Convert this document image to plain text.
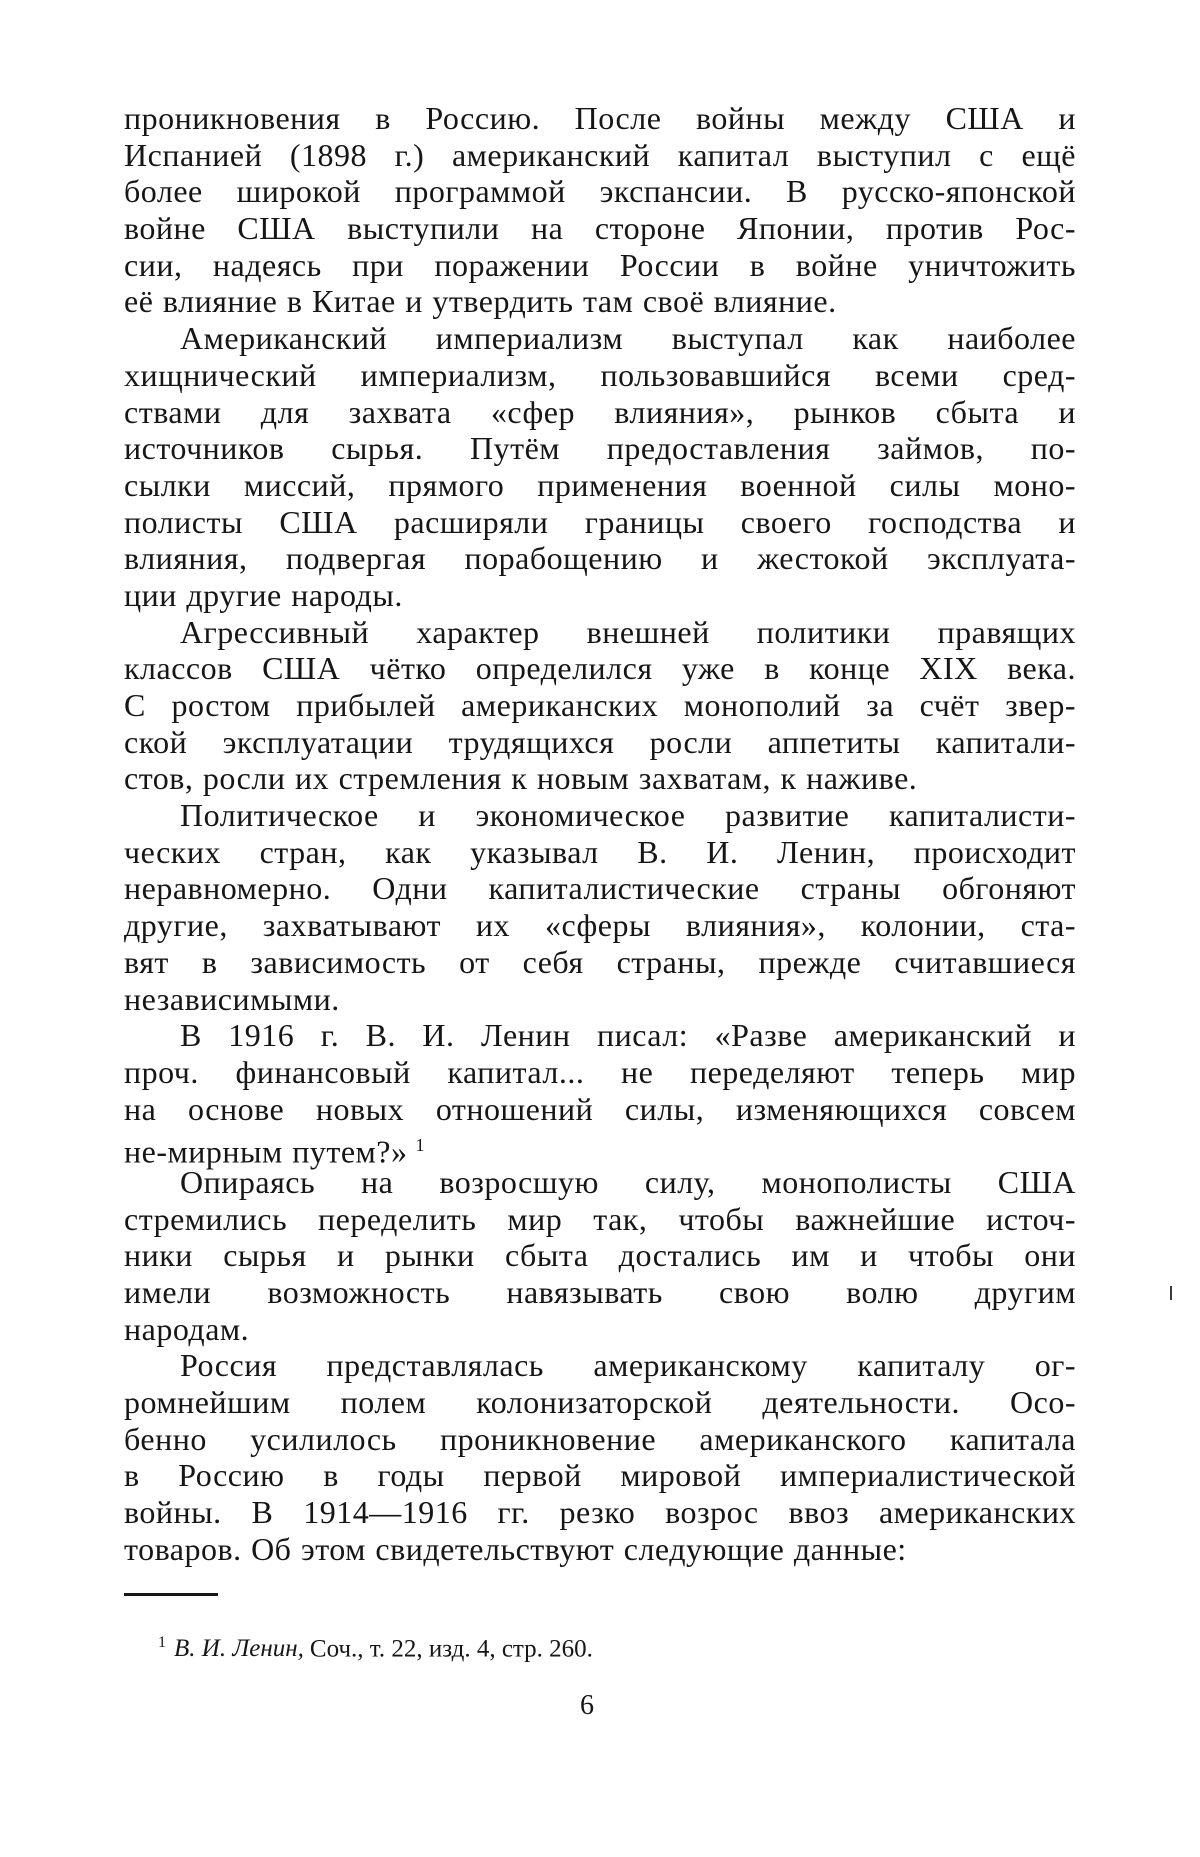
проникновения в Россию. После войны между США и
Испанией (1898 г.) американский капитал выступил с ещё
более широкой программой экспансии. В русско-японской
войне США выступили на стороне Японии, против Рос-
сии, надеясь при поражении России в войне уничтожить
её влияние в Китае и утвердить там своё влияние.
Американский империализм выступал как наиболее
хищнический империализм, пользовавшийся всеми сред-
ствами для захвата «сфер влияния», рынков сбыта и
источников сырья. Путём предоставления займов, по-
сылки миссий, прямого применения военной силы моно-
полисты США расширяли границы своего господства и
влияния, подвергая порабощению и жестокой эксплуата-
ции другие народы.
Агрессивный характер внешней политики правящих
классов США чётко определился уже в конце XIX века.
С ростом прибылей американских монополий за счёт звер-
ской эксплуатации трудящихся росли аппетиты капитали-
стов, росли их стремления к новым захватам, к наживе.
Политическое и экономическое развитие капиталисти-
ческих стран, как указывал В. И. Ленин, происходит
неравномерно. Одни капиталистические страны обгоняют
другие, захватывают их «сферы влияния», колонии, ста-
вят в зависимость от себя страны, прежде считавшиеся
независимыми.
В 1916 г. В. И. Ленин писал: «Разве американский и
проч. финансовый капитал... не переделяют теперь мир
на основе новых отношений силы, изменяющихся совсем
не-мирным путем?» $^1$
Опираясь на возросшую силу, монополисты США
стремились переделить мир так, чтобы важнейшие источ-
ники сырья и рынки сбыта достались им и чтобы они
имели возможность навязывать свою волю другим
народам.
Россия представлялась американскому капиталу ог-
ромнейшим полем колонизаторской деятельности. Осо-
бенно усилилось проникновение американского капитала
в Россию в годы первой мировой империалистической
войны. В 1914—1916 гг. резко возрос ввоз американских
товаров. Об этом свидетельствуют следующие данные:
$^1$ В. И. Ленин, Соч., т. 22, изд. 4, стр. 260.
6
